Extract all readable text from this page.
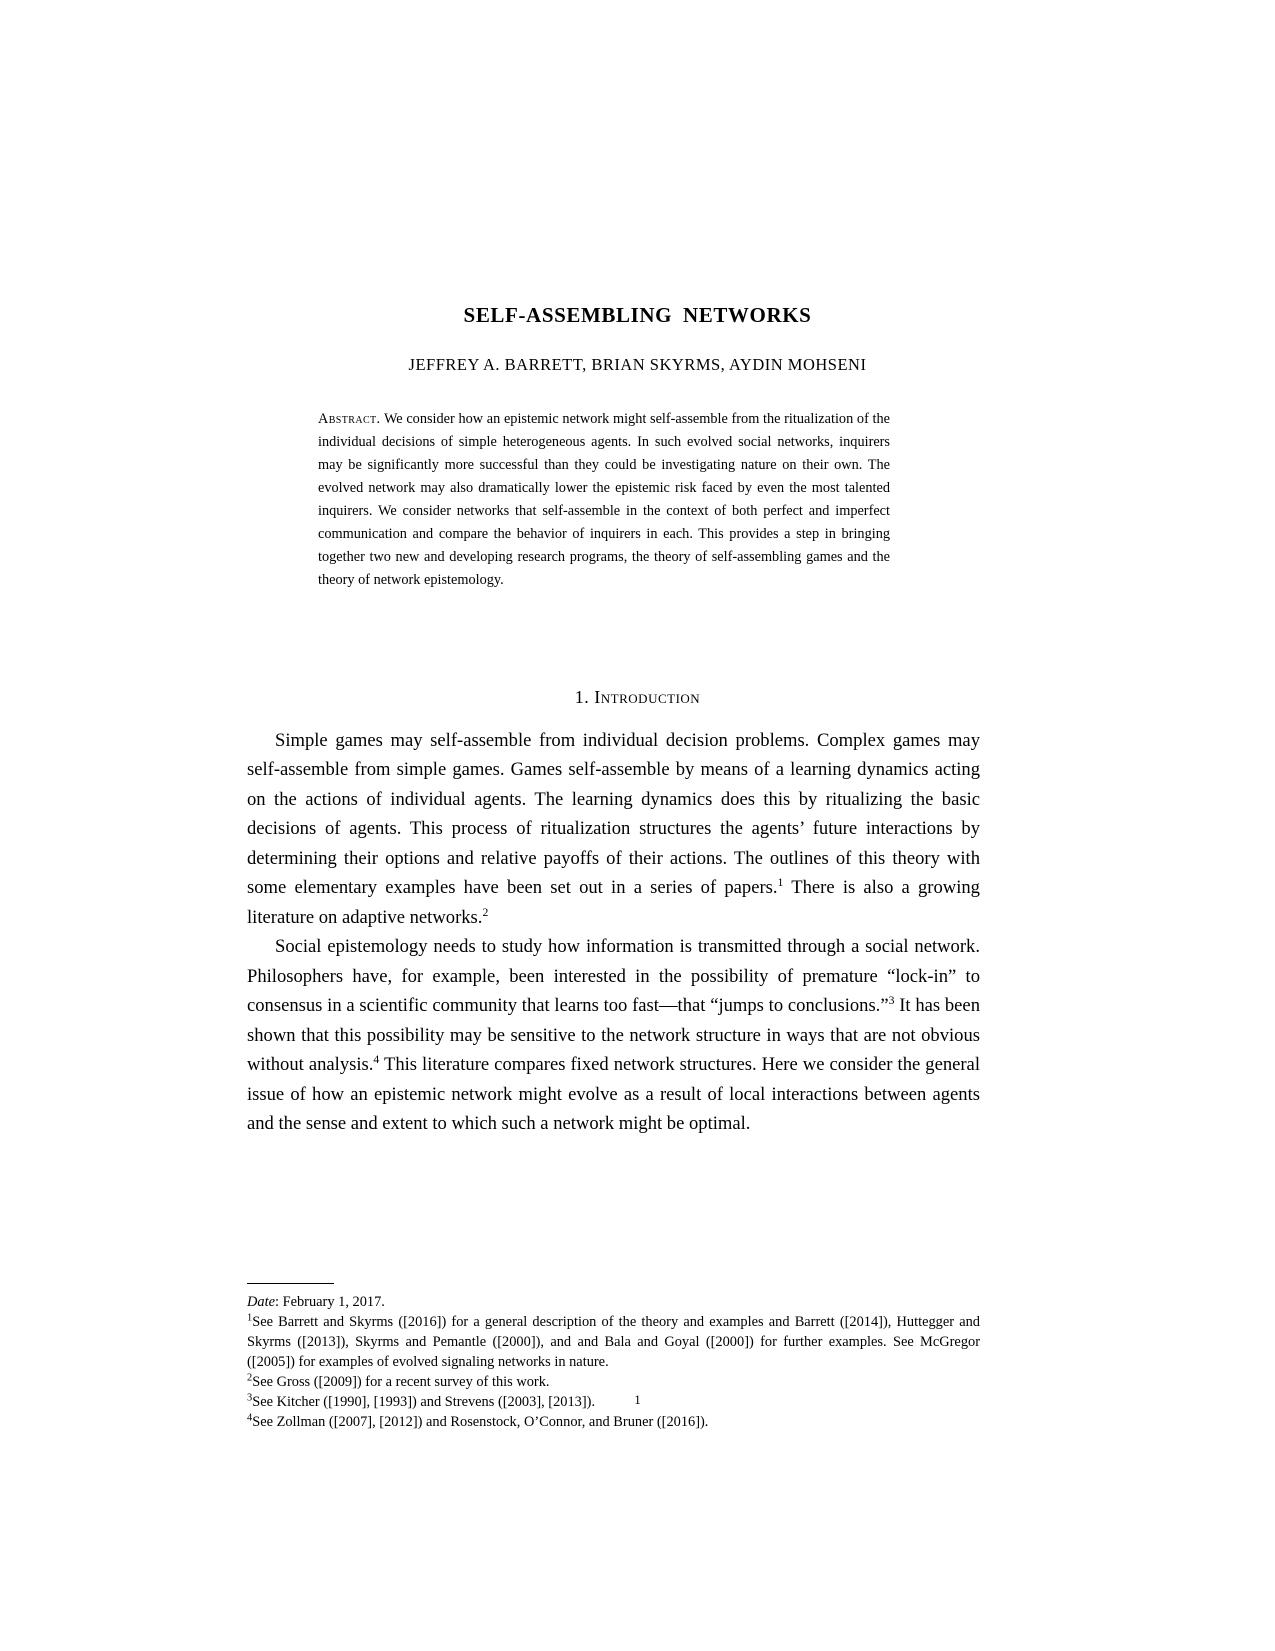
SELF-ASSEMBLING NETWORKS
JEFFREY A. BARRETT, BRIAN SKYRMS, AYDIN MOHSENI
Abstract. We consider how an epistemic network might self-assemble from the ritualization of the individual decisions of simple heterogeneous agents. In such evolved social networks, inquirers may be significantly more successful than they could be investigating nature on their own. The evolved network may also dramatically lower the epistemic risk faced by even the most talented inquirers. We consider networks that self-assemble in the context of both perfect and imperfect communication and compare the behavior of inquirers in each. This provides a step in bringing together two new and developing research programs, the theory of self-assembling games and the theory of network epistemology.
1. Introduction

Simple games may self-assemble from individual decision problems. Complex games may self-assemble from simple games. Games self-assemble by means of a learning dynamics acting on the actions of individual agents. The learning dynamics does this by ritualizing the basic decisions of agents. This process of ritualization structures the agents’ future interactions by determining their options and relative payoffs of their actions. The outlines of this theory with some elementary examples have been set out in a series of papers.$^1$ There is also a growing literature on adaptive networks.$^2$

Social epistemology needs to study how information is transmitted through a social network. Philosophers have, for example, been interested in the possibility of premature “lock-in” to consensus in a scientific community that learns too fast—that “jumps to conclusions.”$^3$ It has been shown that this possibility may be sensitive to the network structure in ways that are not obvious without analysis.$^4$ This literature compares fixed network structures. Here we consider the general issue of how an epistemic network might evolve as a result of local interactions between agents and the sense and extent to which such a network might be optimal.

Date: February 1, 2017.

$^1$See Barrett and Skyrms ([2016]) for a general description of the theory and examples and Barrett ([2014]), Huttegger and Skyrms ([2013]), Skyrms and Pemantle ([2000]), and and Bala and Goyal ([2000]) for further examples. See McGregor ([2005]) for examples of evolved signaling networks in nature.

$^2$See Gross ([2009]) for a recent survey of this work.

$^3$See Kitcher ([1990], [1993]) and Strevens ([2003], [2013]).

$^4$See Zollman ([2007], [2012]) and Rosenstock, O’Connor, and Bruner ([2016]).

1
